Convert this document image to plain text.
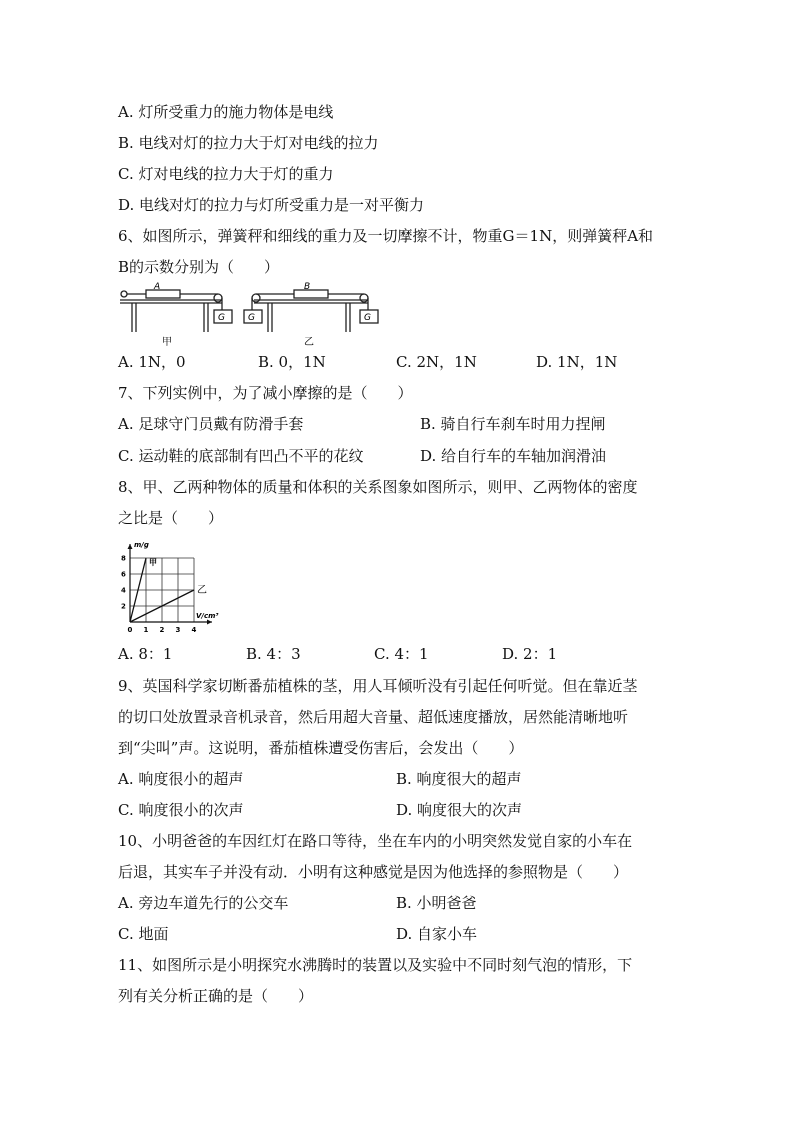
A. 灯所受重力的施力物体是电线
B. 电线对灯的拉力大于灯对电线的拉力
C. 灯对电线的拉力大于灯的重力
D. 电线对灯的拉力与灯所受重力是一对平衡力
6、如图所示，弹簧秤和细线的重力及一切摩擦不计，物重G＝1N，则弹簧秤A和
B的示数分别为（　　）
A
G
甲
B
G	G
乙
A. 1N，0	B. 0，1N	C. 2N，1N	D. 1N，1N
7、下列实例中，为了减小摩擦的是（　　）
A. 足球守门员戴有防滑手套	B. 骑自行车刹车时用力捏闸
C. 运动鞋的底部制有凹凸不平的花纹	D. 给自行车的车轴加润滑油
8、甲、乙两种物体的质量和体积的关系图象如图所示，则甲、乙两物体的密度
之比是（　　）
甲
乙
0 1 2 3 4
2
4
6
8
m/g
V/cm³
A. 8：1	B. 4：3	C. 4：1	D. 2：1
9、英国科学家切断番茄植株的茎，用人耳倾听没有引起任何听觉。但在靠近茎
的切口处放置录音机录音，然后用超大音量、超低速度播放，居然能清晰地听
到“尖叫”声。这说明，番茄植株遭受伤害后，会发出（　　）
A. 响度很小的超声	B. 响度很大的超声
C. 响度很小的次声	D. 响度很大的次声
10、小明爸爸的车因红灯在路口等待，坐在车内的小明突然发觉自家的小车在
后退，其实车子并没有动．小明有这种感觉是因为他选择的参照物是（　　）
A. 旁边车道先行的公交车	B. 小明爸爸
C. 地面	D. 自家小车
11、如图所示是小明探究水沸腾时的装置以及实验中不同时刻气泡的情形，下
列有关分析正确的是（　　）
